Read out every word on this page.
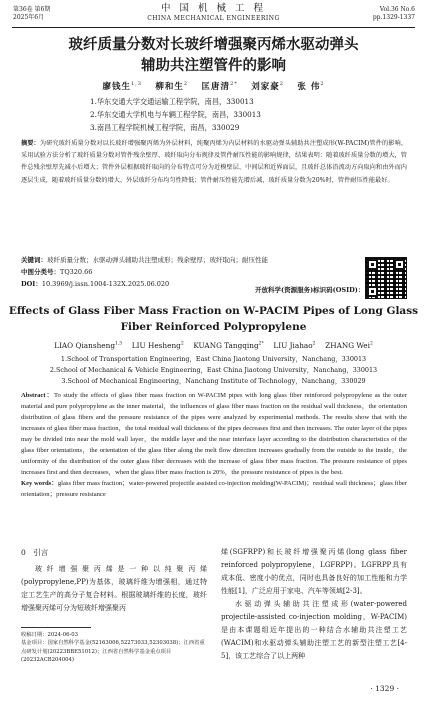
第36卷 第6期
2025年6月
中 国 机 械 工 程
CHINA MECHANICAL ENGINEERING
Vol.36 No.6
pp.1329-1337
玻纤质量分数对长玻纤增强聚丙烯水驱动弹头
辅助共注塑管件的影响
廖钱生$^{1,3}$　 柳和生$^2$　 匡唐清$^{2*}$　 刘家豪$^2$　 张 伟$^2$
1.华东交通大学交通运输工程学院，南昌，330013
2.华东交通大学机电与车辆工程学院，南昌，330013
3.南昌工程学院机械工程学院，南昌，330029
摘要：为研究玻纤质量分数对以长玻纤增强聚丙烯为外层材料，纯聚丙烯为内层材料的水驱动弹头辅助共注塑成形(W-PACIM)管件的影响，采用试验方法分析了玻纤质量分数对管件残余壁厚、玻纤取向分布规律及管件耐压性能的影响规律，结果表明：随着玻纤质量分数的增大，管件总残余壁厚先减小后增大；管件外层根据玻纤取向的分布特点可分为近模壁层、中间层和近界面层，且玻纤总体沿流动方向取向和由外而内逐层生成，随着玻纤质量分数的增大，外层玻纤分布均匀性降低；管件耐压性能先增后减，玻纤质量分数为20%时，管件耐压性能最好。
关键词：玻纤质量分数；水驱动弹头辅助共注塑成形；残余壁厚；玻纤取向；耐压性能
中图分类号：TQ320.66
DOI：10.3969/j.issn.1004-132X.2025.06.020
开放科学(资源服务)标识码(OSID)：
Effects of Glass Fiber Mass Fraction on W-PACIM Pipes of Long Glass
Fiber Reinforced Polypropylene
LIAO Qiansheng$^{1,3}$　 LIU Hesheng$^2$　 KUANG Tangqing$^{2*}$　 LIU Jiahao$^2$　 ZHANG Wei$^2$
1.School of Transportation Engineering，East China Jiaotong University，Nanchang，330013
2.School of Mechanical & Vehicle Engineering，East China Jiaotong University，Nanchang，330013
3.School of Mechanical Engineering，Nanchang Institute of Technology，Nanchang，330029
Abstract：To study the effects of glass fiber mass fraction on W-PACIM pipes with long glass fiber reinforced polypropylene as the outer material and pure polypropylene as the inner material，the influences of glass fiber mass fraction on the residual wall thickness，the orientation distribution of glass fibers and the pressure resistance of the pipes were analyzed by experimental methods. The results show that with the increases of glass fiber mass fraction，the total residual wall thickness of the pipes decreases first and then increases. The outer layer of the pipes may be divided into near the mold wall layer，the middle layer and the near interface layer according to the distribution characteristics of the glass fiber orientations，the orientation of the glass fiber along the melt flow direction increases gradually from the outside to the inside，the uniformity of the distribution of the outer glass fiber decreases with the increase of glass fiber mass fraction. The pressure resistance of pipes increases first and then decreases，when the glass fiber mass fraction is 20%，the pressure resistance of pipes is the best.
Key words：glass fiber mass fraction；water-powered projectile assisted co-injection molding(W-PACIM)；residual wall thickness；glass fiber orientation；pressure resistance
0　引言
玻纤增强聚丙烯是一种以纯聚丙烯(polypropylene,PP)为基体，玻璃纤维为增强相，通过特定工艺生产的高分子复合材料。根据玻璃纤维的长度，玻纤增强聚丙烯可分为短玻纤增强聚丙
烯(SGFRPP)和长玻纤增强聚丙烯(long glass fiber reinforced polypropylene，LGFRPP)。LGFRPP具有成本低、密度小的优点，同时也具备良好的加工性能和力学性能[1]，广泛应用于家电、汽车等领域[2-3]。
水驱动弹头辅助共注塑成形(water-powered projectile-assisted co-injection molding，W-PACIM)是由本课题组近年提出的一种结合水辅助共注塑工艺(WACIM)和水驱动弹头辅助注塑工艺的新型注塑工艺[4-5]，该工艺综合了以上两种
收稿日期：2024-06-03
基金项目：国家自然科学基金(52163006,52273033,52303038)；江西省重点研发计划(20223BBE51012)；江西省自然科学基金重点项目(20232ACB204004)
· 1329 ·
